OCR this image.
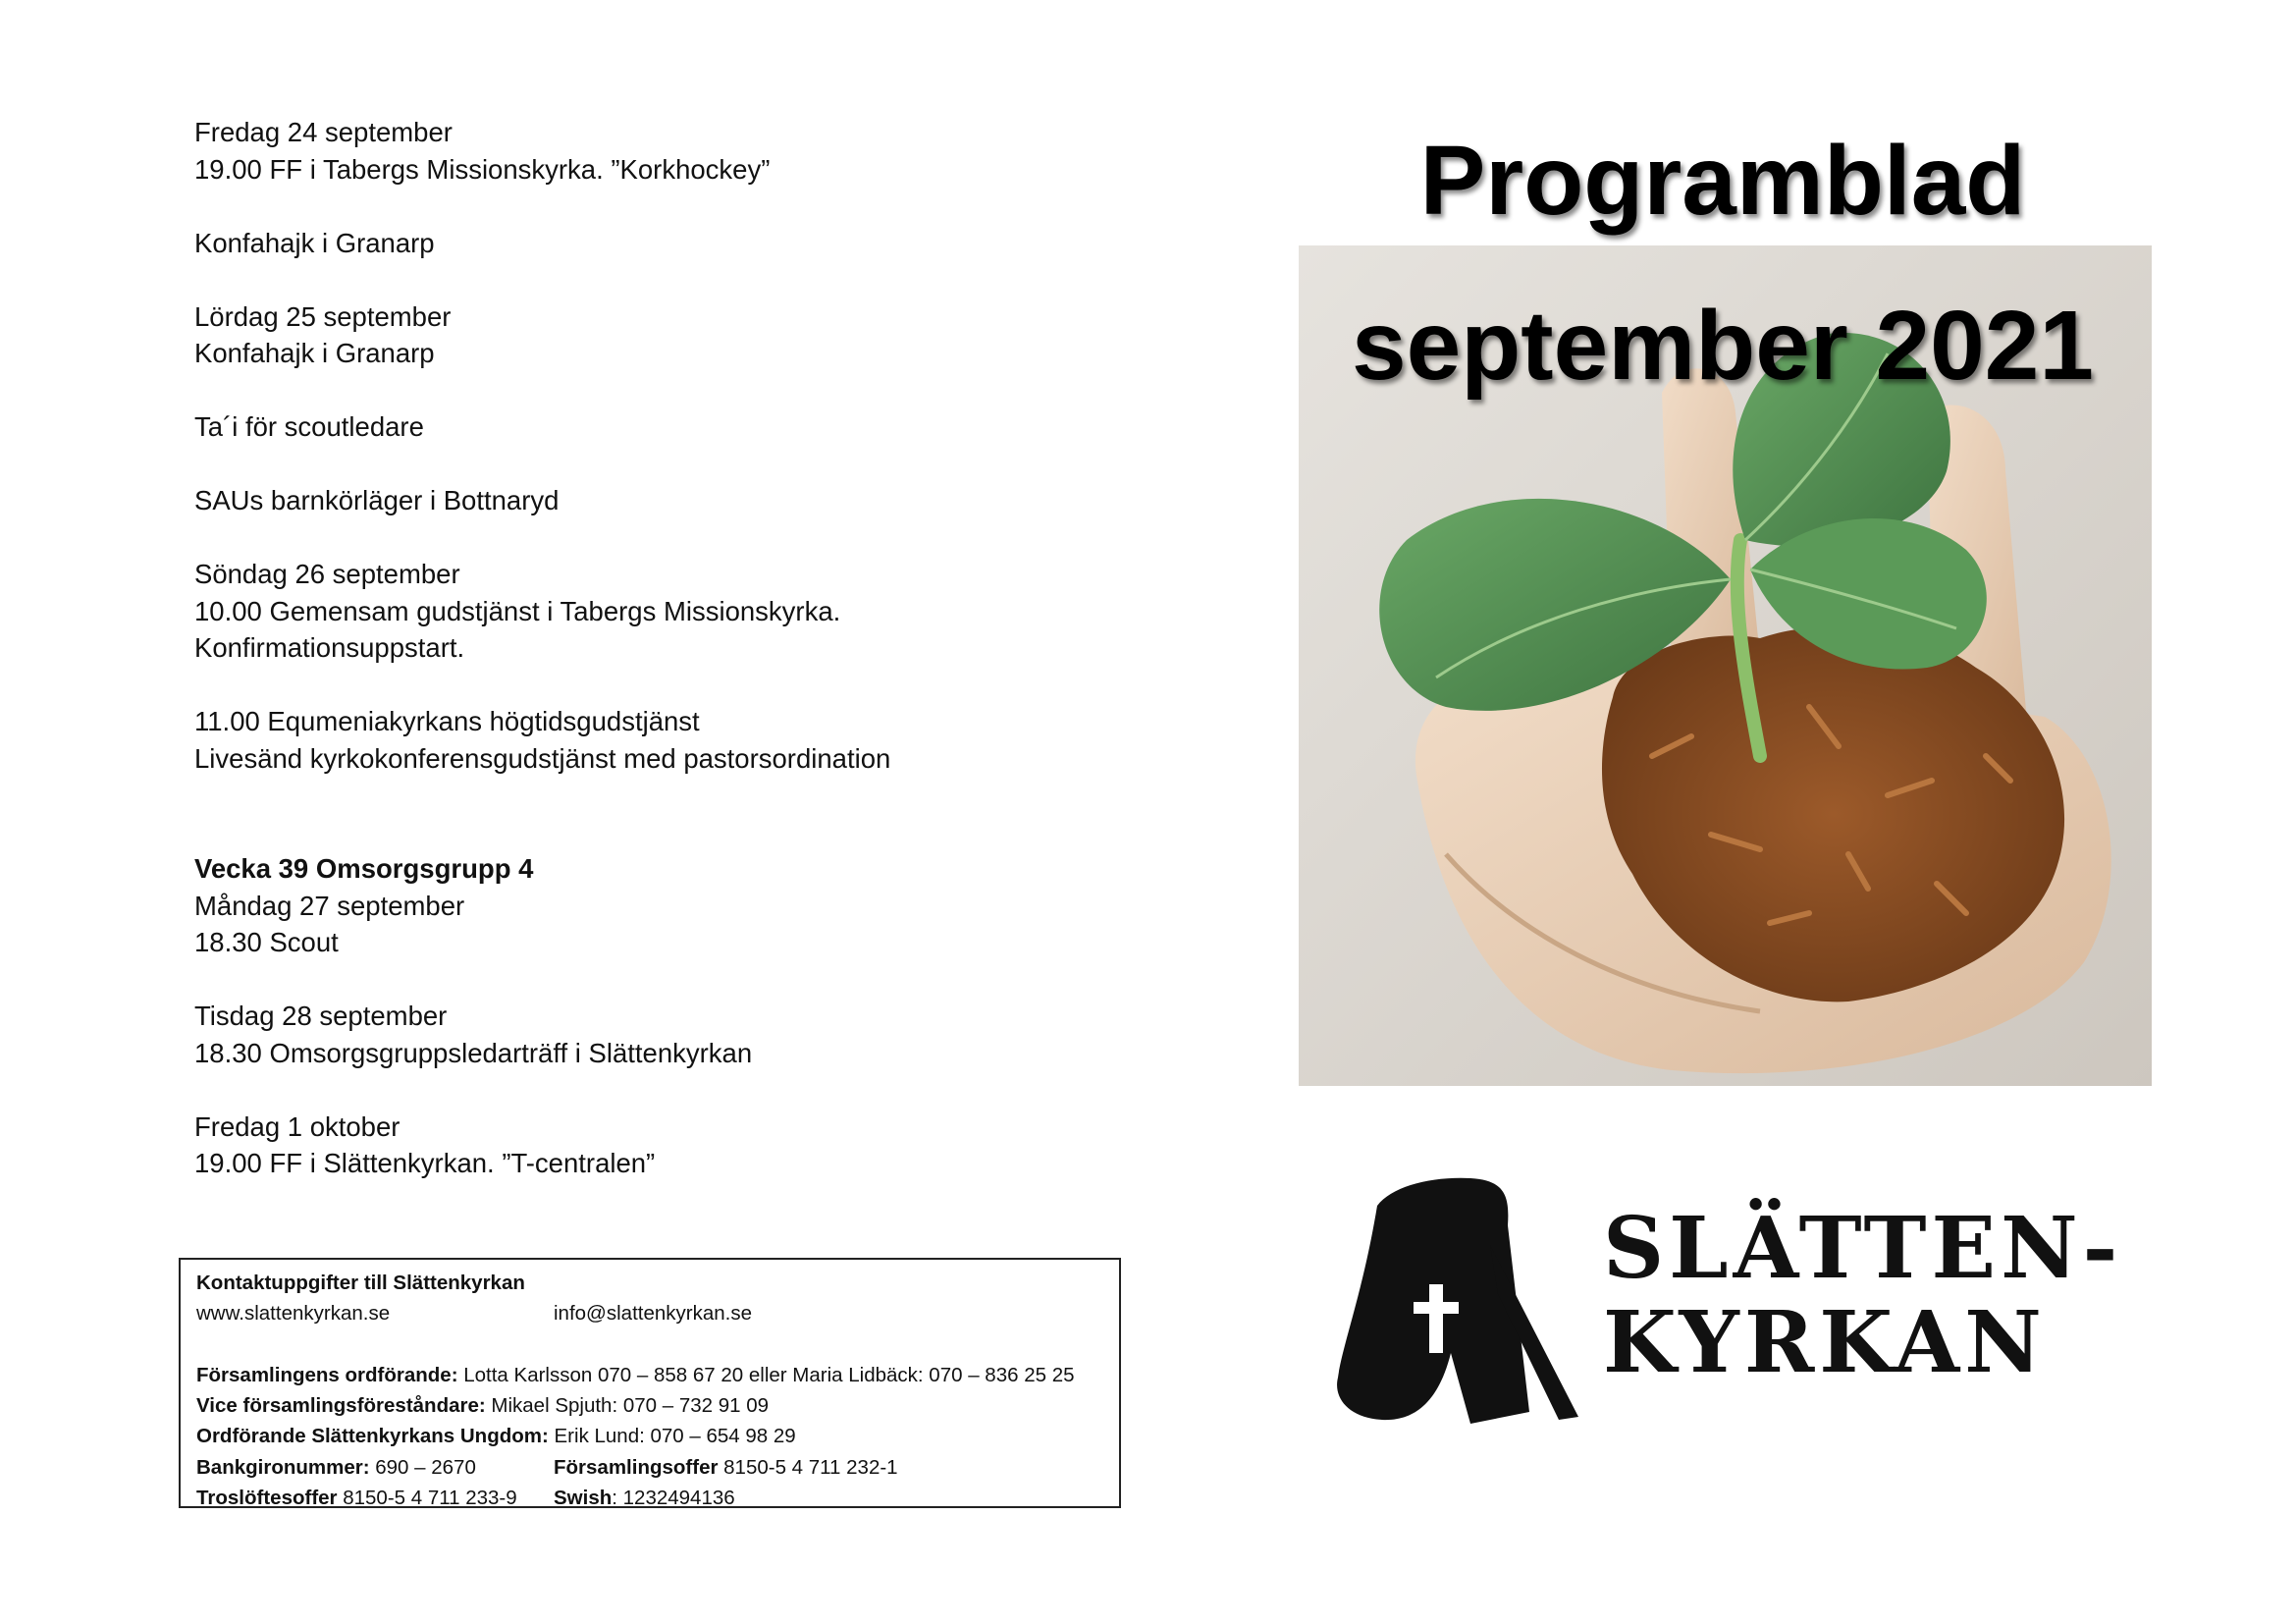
Fredag 24 september
19.00 FF i Tabergs Missionskyrka. ”Korkhockey”
Konfahajk i Granarp
Lördag 25 september
Konfahajk i Granarp
Ta´i för scoutledare
SAUs barnkörläger i Bottnaryd
Söndag 26 september
10.00 Gemensam gudstjänst i Tabergs Missionskyrka.
Konfirmationsuppstart.
11.00 Equmeniakyrkans högtidsgudstjänst
Livesänd kyrkokonferensgudstjänst med pastorsordination
Vecka 39 Omsorgsgrupp 4
Måndag 27 september
18.30 Scout
Tisdag 28 september
18.30 Omsorgsgruppsledarträff i Slättenkyrkan
Fredag 1 oktober
19.00 FF i Slättenkyrkan. ”T-centralen”
Kontaktuppgifter till Slättenkyrkan
www.slattenkyrkan.se	info@slattenkyrkan.se
Församlingens ordförande: Lotta Karlsson 070 – 858 67 20 eller Maria Lidbäck: 070 – 836 25 25
Vice församlingsföreståndare: Mikael Spjuth: 070 – 732 91 09
Ordförande Slättenkyrkans Ungdom: Erik Lund: 070 – 654 98 29
Bankgironummer: 690 – 2670	Församlingsoffer 8150-5 4 711 232-1
Troslöftesoffer 8150-5 4 711 233-9 Swish: 1232494136
Programblad
september 2021
SLÄTTEN-
KYRKAN
